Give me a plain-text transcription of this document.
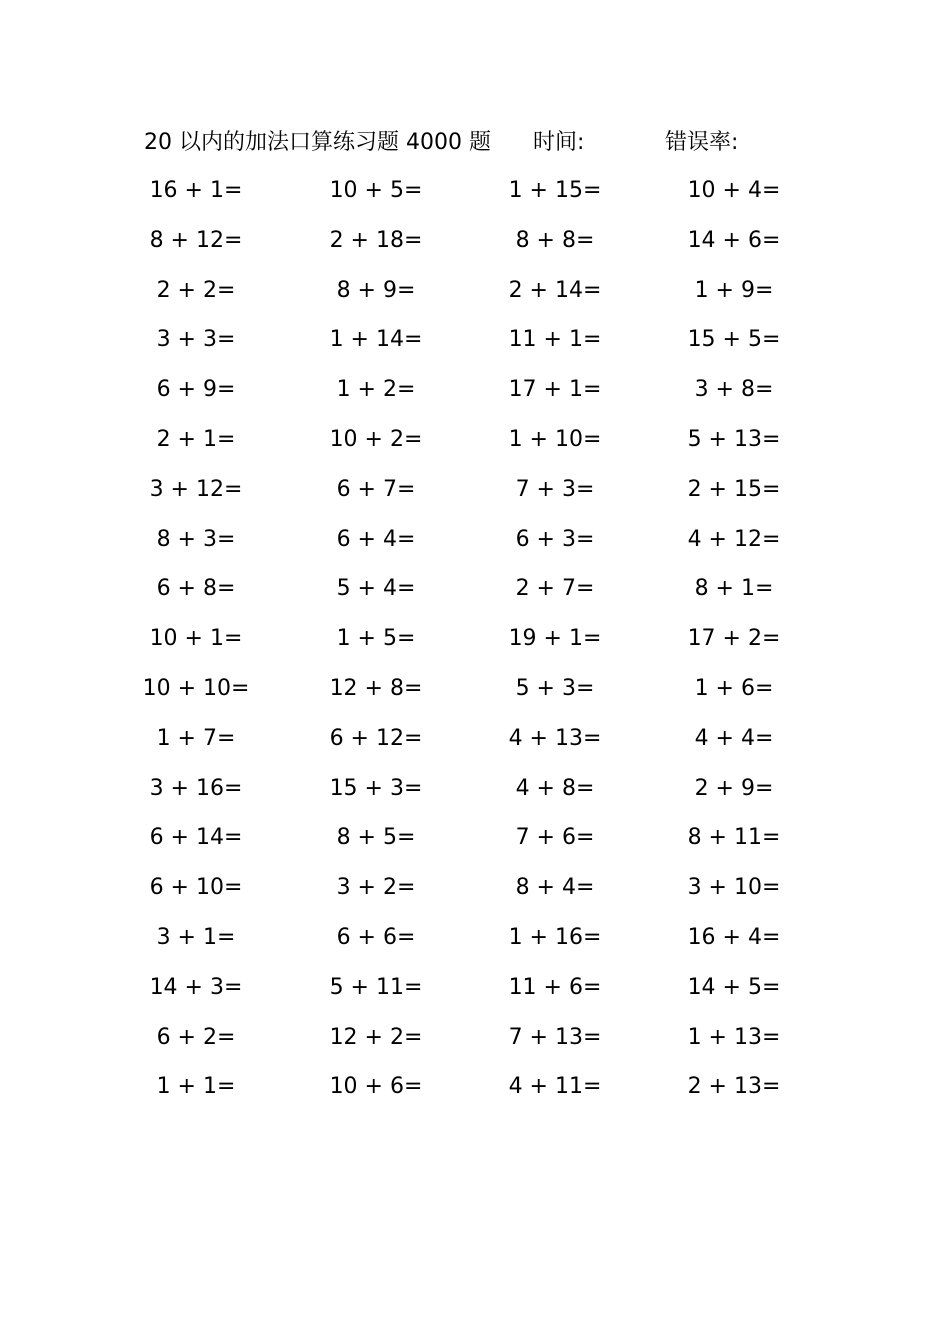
20 以内的加法口算练习题 4000 题 时间:	错误率:
16 + 1=	10 + 5=	1 + 15=	10 + 4=
8 + 12=	2 + 18=	8 + 8=	14 + 6=
2 + 2=	8 + 9=	2 + 14=	1 + 9=
3 + 3=	1 + 14=	11 + 1=	15 + 5=
6 + 9=	1 + 2=	17 + 1=	3 + 8=
2 + 1=	10 + 2=	1 + 10=	5 + 13=
3 + 12=	6 + 7=	7 + 3=	2 + 15=
8 + 3=	6 + 4=	6 + 3=	4 + 12=
6 + 8=	5 + 4=	2 + 7=	8 + 1=
10 + 1=	1 + 5=	19 + 1=	17 + 2=
10 + 10=	12 + 8=	5 + 3=	1 + 6=
1 + 7=	6 + 12=	4 + 13=	4 + 4=
3 + 16=	15 + 3=	4 + 8=	2 + 9=
6 + 14=	8 + 5=	7 + 6=	8 + 11=
6 + 10=	3 + 2=	8 + 4=	3 + 10=
3 + 1=	6 + 6=	1 + 16=	16 + 4=
14 + 3=	5 + 11=	11 + 6=	14 + 5=
6 + 2=	12 + 2=	7 + 13=	1 + 13=
1 + 1=	10 + 6=	4 + 11=	2 + 13=
